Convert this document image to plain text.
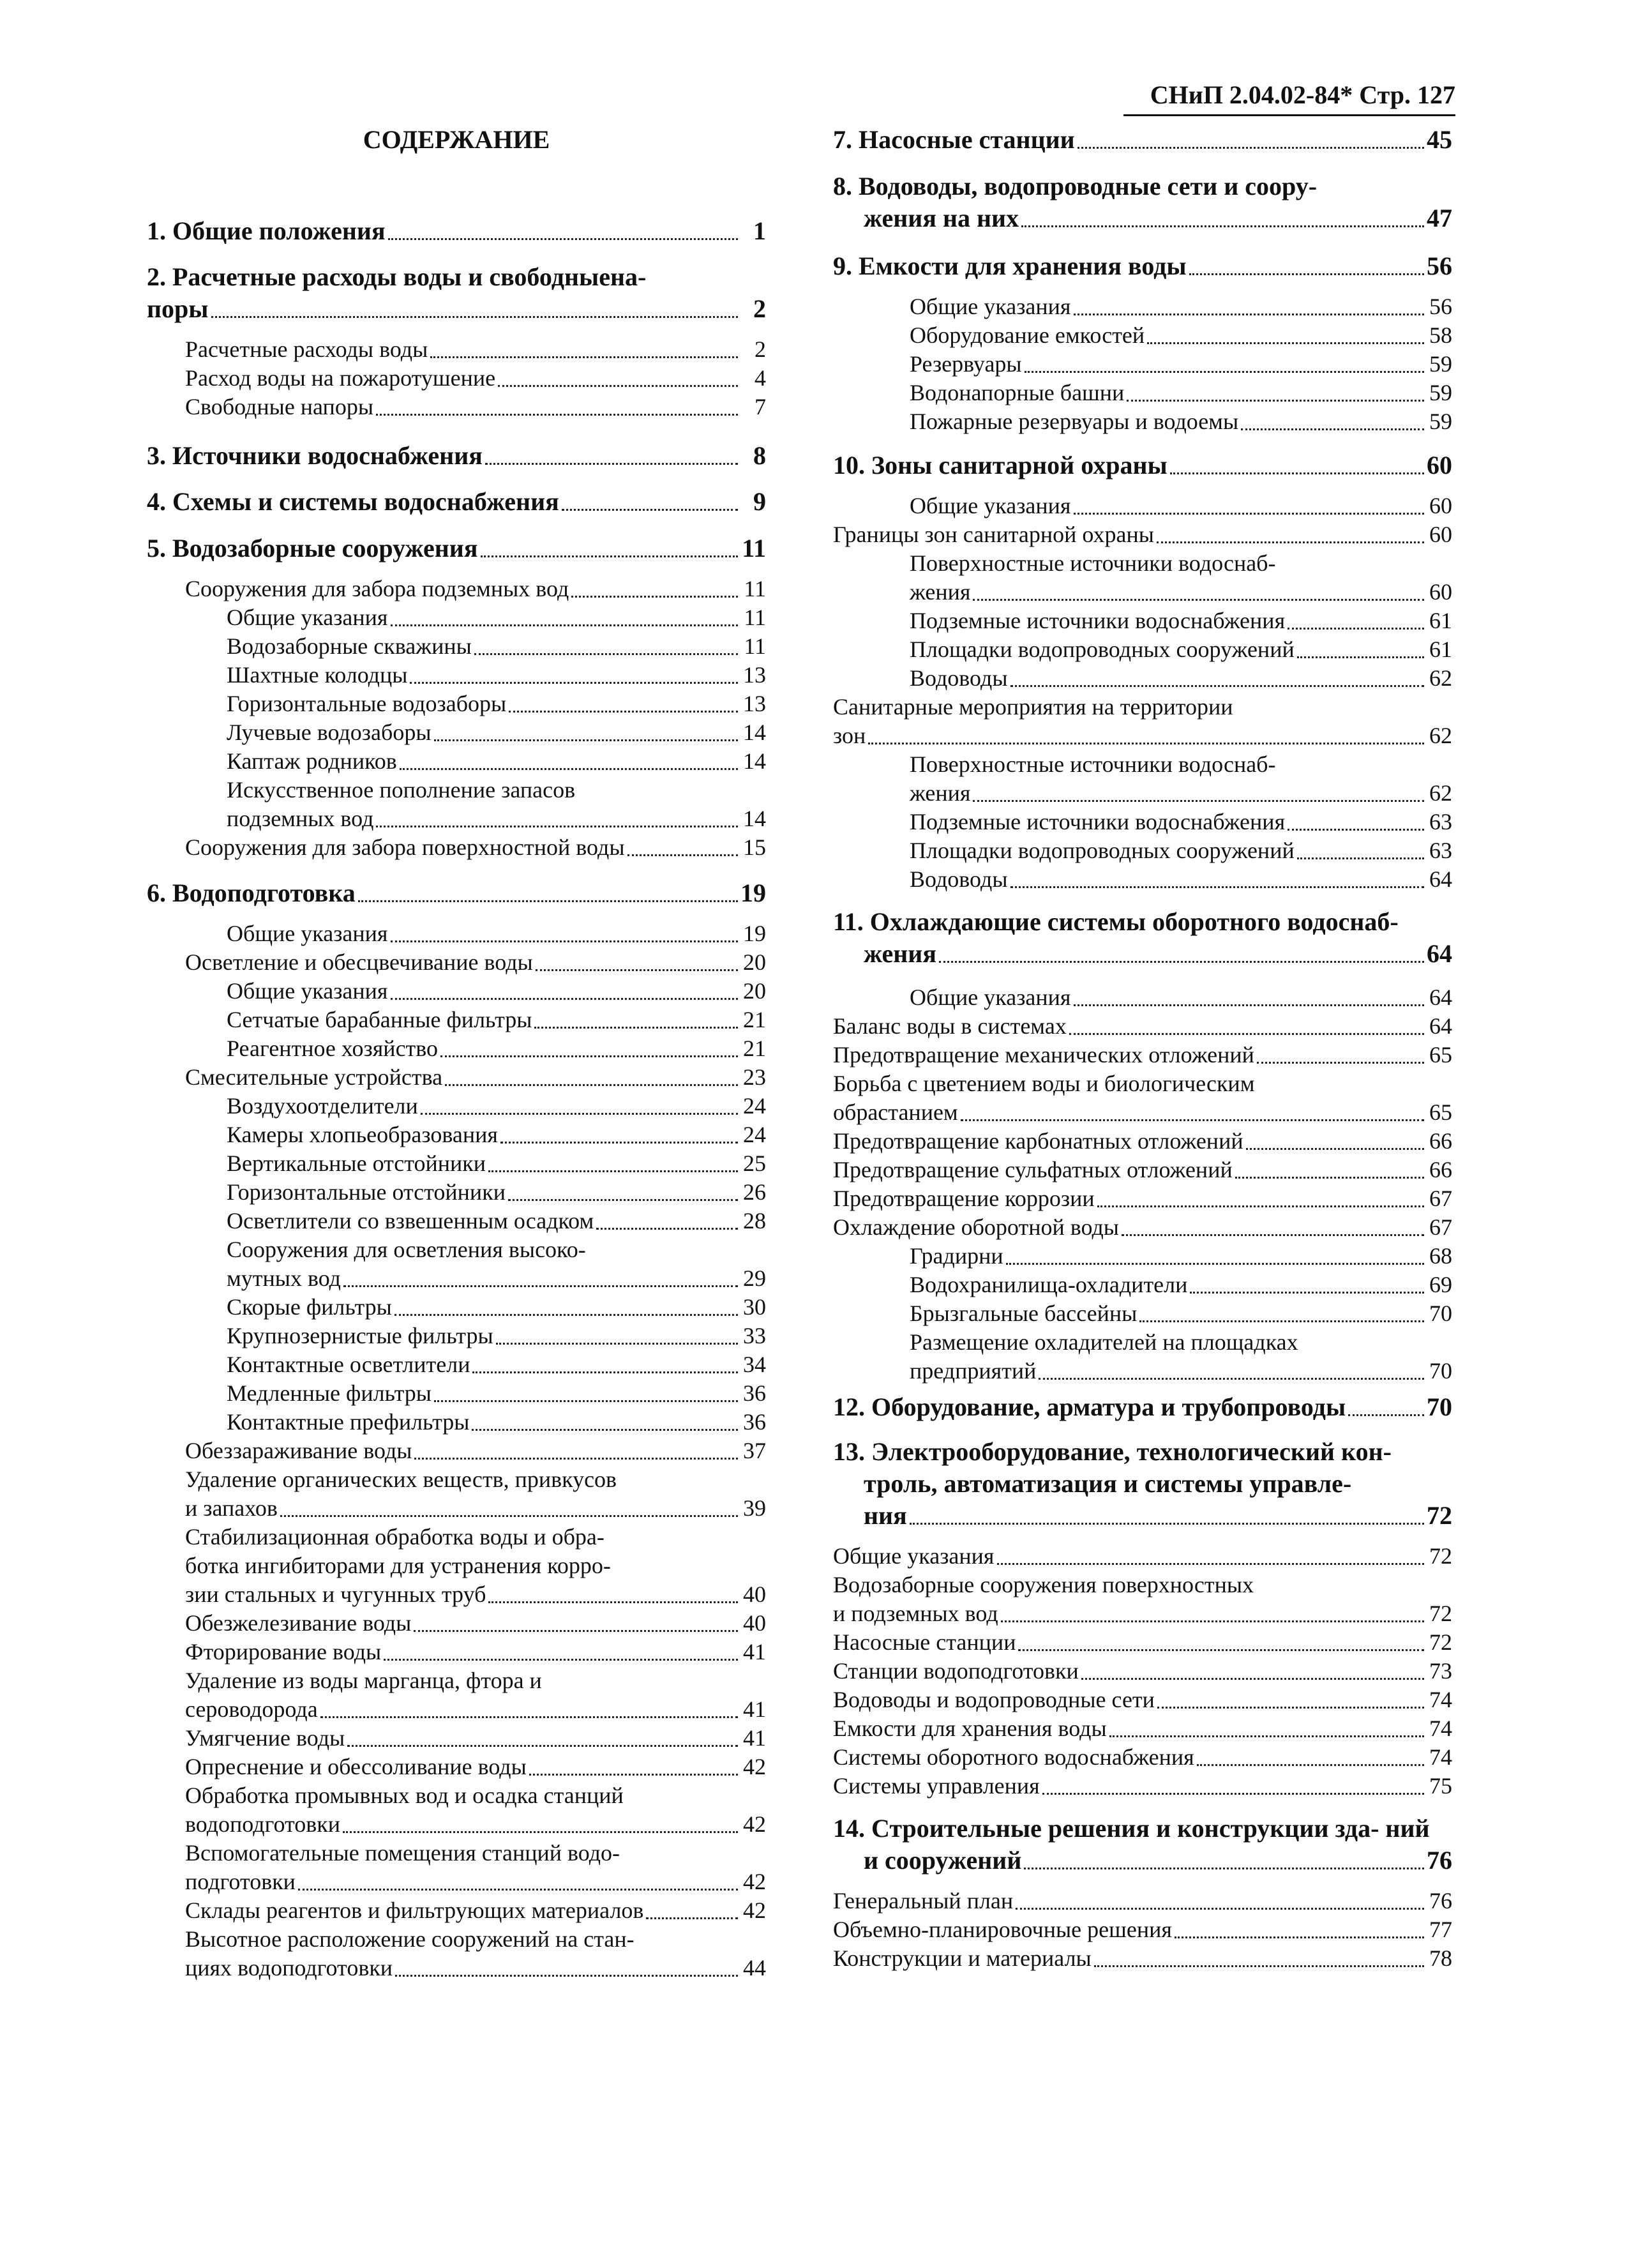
СНиП 2.04.02-84* Стр. 127
СОДЕРЖАНИЕ
1. Общие положения	1
2. Расчетные расходы воды и свободныена-
поры	2
Расчетные расходы воды	2
Расход воды на пожаротушение	4
Свободные напоры	7
3. Источники водоснабжения	8
4. Схемы и системы водоснабжения	9
5. Водозаборные сооружения	11
Сооружения для забора подземных вод	11
Общие указания	11
Водозаборные скважины	11
Шахтные колодцы	13
Горизонтальные водозаборы	13
Лучевые водозаборы	14
Каптаж родников	14
Искусственное пополнение запасов
подземных вод	14
Сооружения для забора поверхностной воды	15
6. Водоподготовка	19
Общие указания	19
Осветление и обесцвечивание воды	20
Общие указания	20
Сетчатые барабанные фильтры	21
Реагентное хозяйство	21
Смесительные устройства	23
Воздухоотделители	24
Камеры хлопьеобразования	24
Вертикальные отстойники	25
Горизонтальные отстойники	26
Осветлители со взвешенным осадком	28
Сооружения для осветления высоко-
мутных вод	29
Скорые фильтры	30
Крупнозернистые фильтры	33
Контактные осветлители	34
Медленные фильтры	36
Контактные префильтры	36
Обеззараживание воды	37
Удаление органических веществ, привкусов
и запахов	39
Стабилизационная обработка воды и обра-
ботка ингибиторами для устранения корро-
зии стальных и чугунных труб	40
Обезжелезивание воды	40
Фторирование воды	41
Удаление из воды марганца, фтора и
сероводорода	41
Умягчение воды	41
Опреснение и обессоливание воды	42
Обработка промывных вод и осадка станций
водоподготовки	42
Вспомогательные помещения станций водо-
подготовки	42
Склады реагентов и фильтрующих материалов	42
Высотное расположение сооружений на стан-
циях водоподготовки	44
7. Насосные станции	45
8. Водоводы, водопроводные сети и соору-
жения на них	47
9. Емкости для хранения воды	56
Общие указания	56
Оборудование емкостей	58
Резервуары	59
Водонапорные башни	59
Пожарные резервуары и водоемы	59
10. Зоны санитарной охраны	60
Общие указания	60
Границы зон санитарной охраны	60
Поверхностные источники водоснаб-
жения	60
Подземные источники водоснабжения	61
Площадки водопроводных сооружений	61
Водоводы	62
Санитарные мероприятия на территории
зон	62
Поверхностные источники водоснаб-
жения	62
Подземные источники водоснабжения	63
Площадки водопроводных сооружений	63
Водоводы	64
11. Охлаждающие системы оборотного водоснаб-
жения	64
Общие указания	64
Баланс воды в системах	64
Предотвращение механических отложений	65
Борьба с цветением воды и биологическим
обрастанием	65
Предотвращение карбонатных отложений	66
Предотвращение сульфатных отложений	66
Предотвращение коррозии	67
Охлаждение оборотной воды	67
Градирни	68
Водохранилища-охладители	69
Брызгальные бассейны	70
Размещение охладителей на площадках
предприятий	70
12. Оборудование, арматура и трубопроводы	70
13. Электрооборудование, технологический кон-
троль, автоматизация и системы управле-
ния	72
Общие указания	72
Водозаборные сооружения поверхностных
и подземных вод	72
Насосные станции	72
Станции водоподготовки	73
Водоводы и водопроводные сети	74
Емкости для хранения воды	74
Системы оборотного водоснабжения	74
Системы управления	75
14. Строительные решения и конструкции зда- ний
и сооружений	76
Генеральный план	76
Объемно-планировочные решения	77
Конструкции и материалы	78
